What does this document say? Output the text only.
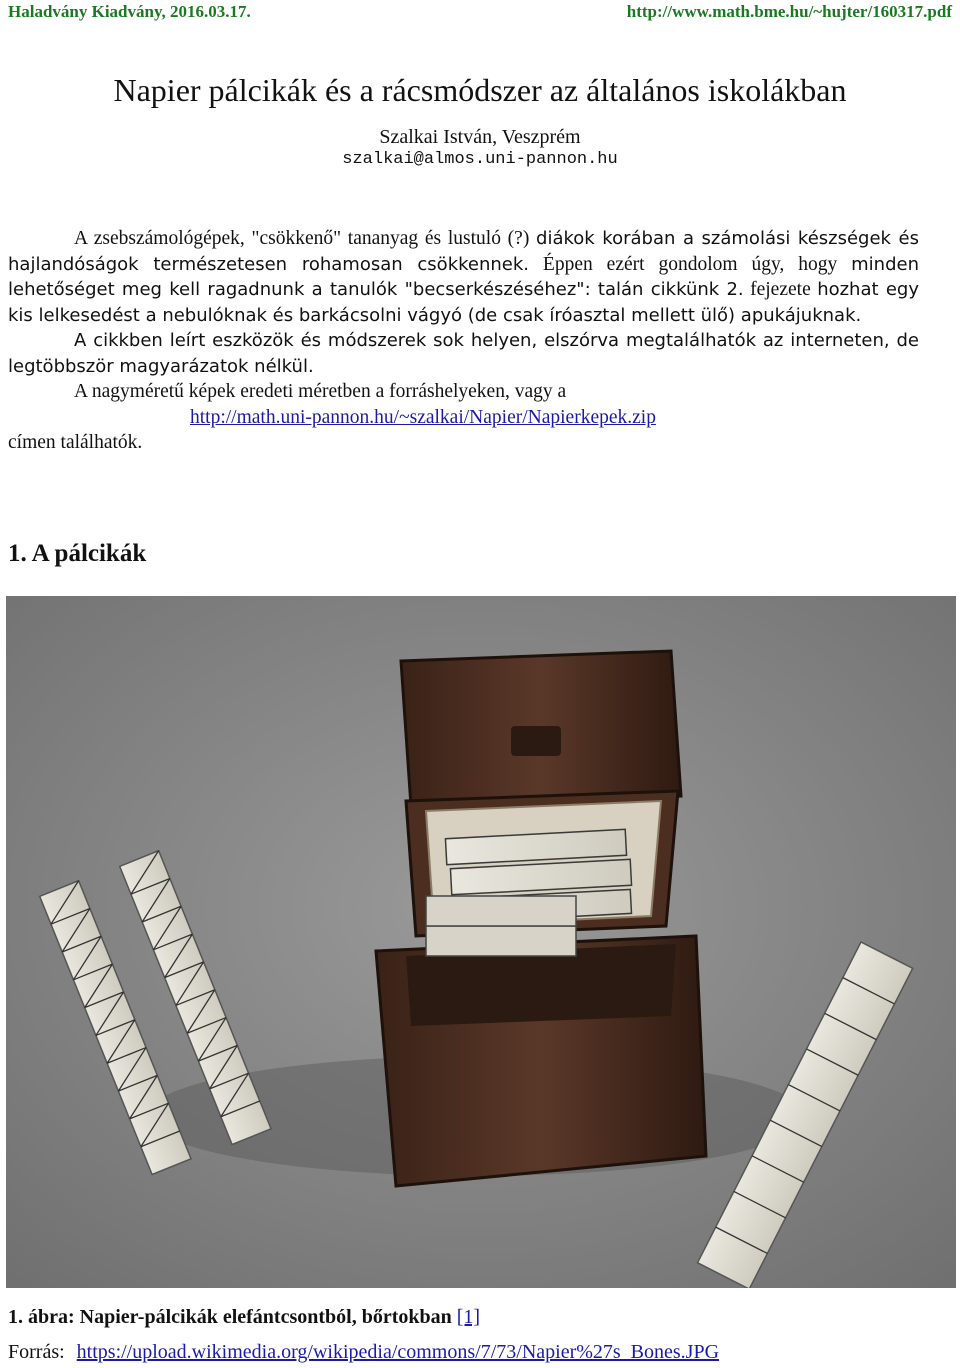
Haladvány Kiadvány, 2016.03.17.	http://www.math.bme.hu/~hujter/160317.pdf
Napier pálcikák és a rácsmódszer az általános iskolákban
Szalkai István, Veszprém
szalkai@almos.uni-pannon.hu

A zsebszámológépek, "csökkenő" tananyag és lustuló (?) diákok korában a számolási készségek és hajlandóságok természetesen rohamosan csökkennek. Éppen ezért gondolom úgy, hogy minden lehetőséget meg kell ragadnunk a tanulók "becserkészéséhez": talán cikkünk 2. fejezete hozhat egy kis lelkesedést a nebulóknak és barkácsolni vágyó (de csak íróasztal mellett ülő) apukájuknak.

A cikkben leírt eszközök és módszerek sok helyen, elszórva megtalálhatók az interneten, de legtöbbször magyarázatok nélkül.

A nagyméretű képek eredeti méretben a forráshelyeken, vagy a

http://math.uni-pannon.hu/~szalkai/Napier/Napierkepek.zip

címen találhatók.

1. A pálcikák
1. ábra: Napier-pálcikák elefántcsontból, bőrtokban [1]
Forrás: https://upload.wikimedia.org/wikipedia/commons/7/73/Napier%27s_Bones.JPG
